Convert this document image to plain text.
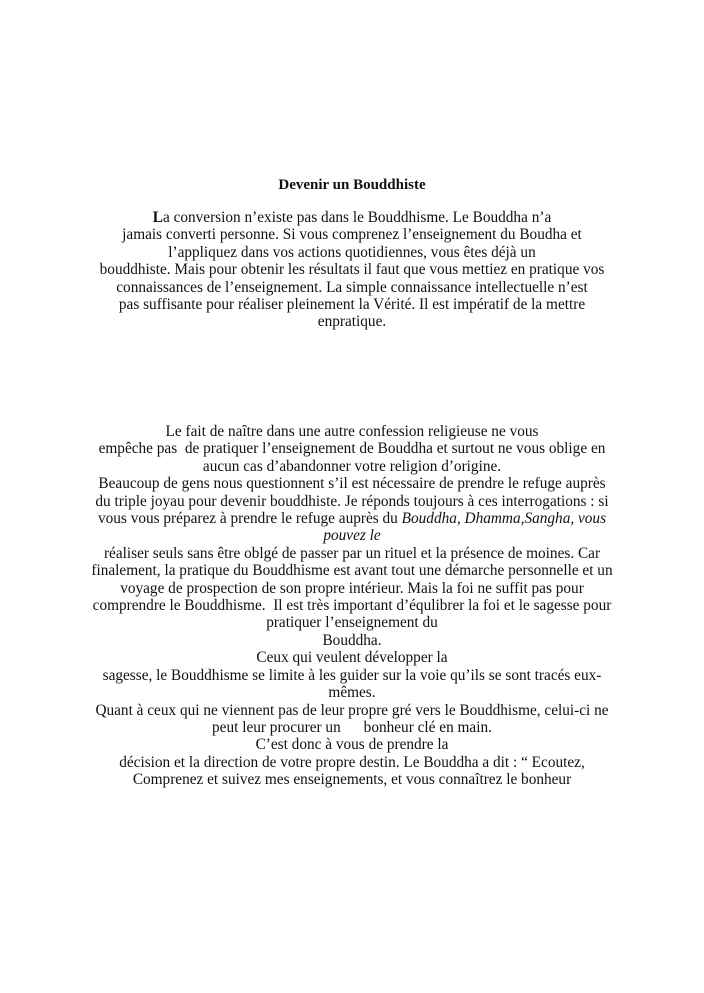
Devenir un Bouddhiste
La conversion n’existe pas dans le Bouddhisme. Le Bouddha n’a
jamais converti personne. Si vous comprenez l’enseignement du Boudha et
l’appliquez dans vos actions quotidiennes, vous êtes déjà un
bouddhiste. Mais pour obtenir les résultats il faut que vous mettiez en pratique vos
connaissances de l’enseignement. La simple connaissance intellectuelle n’est
pas suffisante pour réaliser pleinement la Vérité. Il est impératif de la mettre
enpratique.
Le fait de naître dans une autre confession religieuse ne vous
empêche pas  de pratiquer l’enseignement de Bouddha et surtout ne vous oblige en
aucun cas d’abandonner votre religion d’origine.
Beaucoup de gens nous questionnent s’il est nécessaire de prendre le refuge auprès
du triple joyau pour devenir bouddhiste. Je réponds toujours à ces interrogations : si
vous vous préparez à prendre le refuge auprès du Bouddha, Dhamma,Sangha, vous
pouvez le
réaliser seuls sans être oblgé de passer par un rituel et la présence de moines. Car
finalement, la pratique du Bouddhisme est avant tout une démarche personnelle et un
voyage de prospection de son propre intérieur. Mais la foi ne suffit pas pour
comprendre le Bouddhisme.  Il est très important d’équlibrer la foi et le sagesse pour
pratiquer l’enseignement du
Bouddha.
Ceux qui veulent développer la
sagesse, le Bouddhisme se limite à les guider sur la voie qu’ils se sont tracés eux-
mêmes.
Quant à ceux qui ne viennent pas de leur propre gré vers le Bouddhisme, celui-ci ne
peut leur procurer un      bonheur clé en main.
C’est donc à vous de prendre la
décision et la direction de votre propre destin. Le Bouddha a dit : “ Ecoutez,
Comprenez et suivez mes enseignements, et vous connaîtrez le bonheur
